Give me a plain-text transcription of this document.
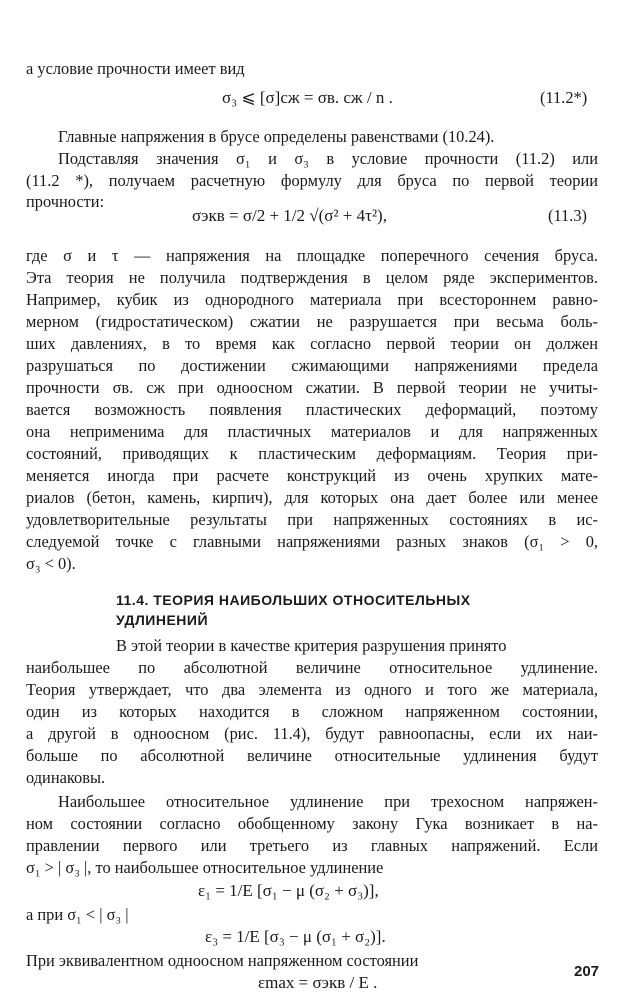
а условие прочности имеет вид
σ₃ ⩽ [σ]сж = σв. сж / n .	(11.2*)
Главные напряжения в брусе определены равенствами (10.24).
Подставляя значения σ₁ и σ₃ в условие прочности (11.2) или
(11.2 *), получаем расчетную формулу для бруса по первой теории
прочности:
σэкв = σ/2 + 1/2 √(σ² + 4τ²),	(11.3)
где σ и τ — напряжения на площадке поперечного сечения бруса.
Эта теория не получила подтверждения в целом ряде экспериментов.
Например, кубик из однородного материала при всестороннем равно-
мерном (гидростатическом) сжатии не разрушается при весьма боль-
ших давлениях, в то время как согласно первой теории он должен
разрушаться по достижении сжимающими напряжениями предела
прочности σв. сж при одноосном сжатии. В первой теории не учиты-
вается возможность появления пластических деформаций, поэтому
она неприменима для пластичных материалов и для напряженных
состояний, приводящих к пластическим деформациям. Теория при-
меняется иногда при расчете конструкций из очень хрупких мате-
риалов (бетон, камень, кирпич), для которых она дает более или менее
удовлетворительные результаты при напряженных состояниях в ис-
следуемой точке с главными напряжениями разных знаков (σ₁ > 0,
σ₃ < 0).
11.4. ТЕОРИЯ НАИБОЛЬШИХ ОТНОСИТЕЛЬНЫХ
УДЛИНЕНИЙ
В этой теории в качестве критерия разрушения принято
наибольшее по абсолютной величине относительное удлинение.
Теория утверждает, что два элемента из одного и того же материала,
один из которых находится в сложном напряженном состоянии,
а другой в одноосном (рис. 11.4), будут равноопасны, если их наи-
больше по абсолютной величине относительные удлинения будут
одинаковы.
Наибольшее относительное удлинение при трехосном напряжен-
ном состоянии согласно обобщенному закону Гука возникает в на-
правлении первого или третьего из главных напряжений. Если
σ₁ > | σ₃ |, то наибольшее относительное удлинение
ε₁ = 1/E [σ₁ − μ (σ₂ + σ₃)],
а при σ₁ < | σ₃ |
ε₃ = 1/E [σ₃ − μ (σ₁ + σ₂)].
При эквивалентном одноосном напряженном состоянии
εmax = σэкв / E .
207
